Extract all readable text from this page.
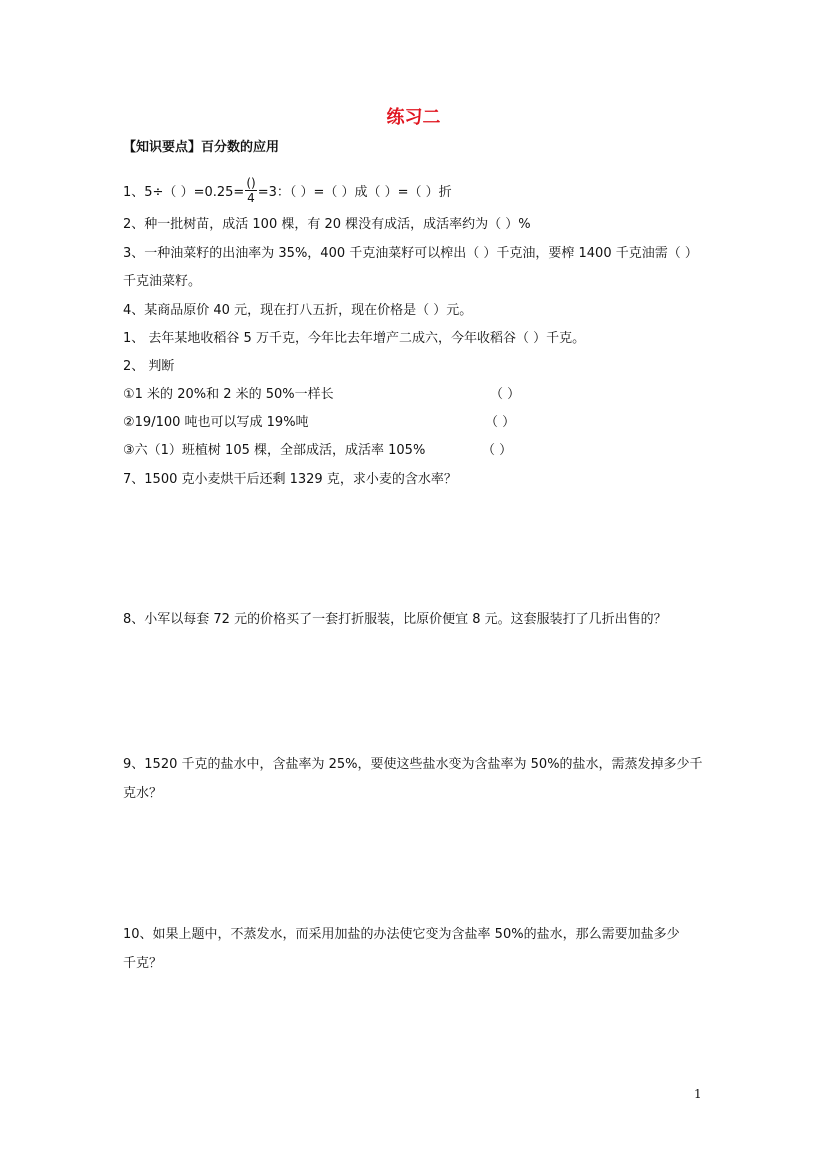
练习二
【知识要点】百分数的应用
1、5÷（ ）$=0.25= \frac{()}{4} =3$：（ ）=（ ）成（ ）=（ ）折
2、种一批树苗，成活 100 棵，有 20 棵没有成活，成活率约为（ ）%
3、一种油菜籽的出油率为 35%，400 千克油菜籽可以榨出（ ）千克油，要榨 1400 千克油需（ ）
千克油菜籽。
4、某商品原价 40 元，现在打八五折，现在价格是（ ）元。
1、 去年某地收稻谷 5 万千克，今年比去年增产二成六，今年收稻谷（ ）千克。
2、 判断
①1 米的 20%和 2 米的 50%一样长	（ ）
②19/100 吨也可以写成 19%吨	（ ）
③六（1）班植树 105 棵，全部成活，成活率 105%	（ ）
7、1500 克小麦烘干后还剩 1329 克，求小麦的含水率？
8、小军以每套 72 元的价格买了一套打折服装，比原价便宜 8 元。这套服装打了几折出售的？
9、1520 千克的盐水中，含盐率为 25%，要使这些盐水变为含盐率为 50%的盐水，需蒸发掉多少千
克水？
10、如果上题中，不蒸发水，而采用加盐的办法使它变为含盐率 50%的盐水，那么需要加盐多少
千克？
1
